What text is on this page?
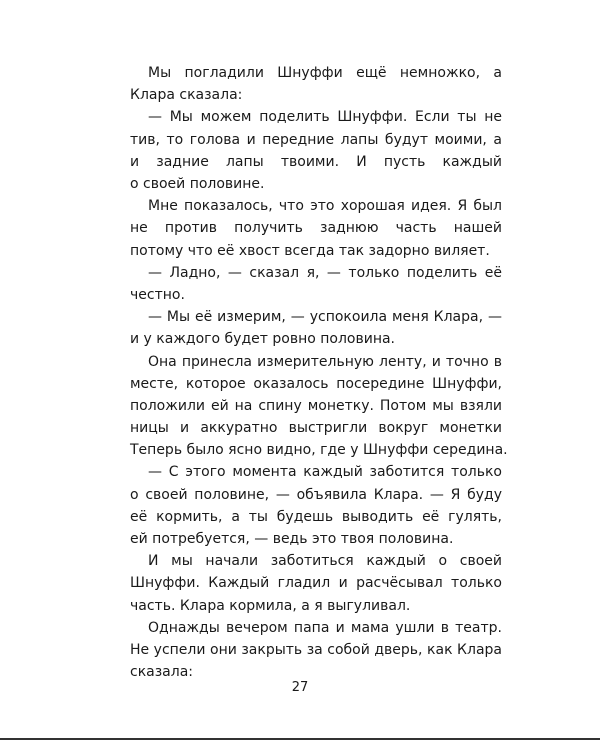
Мы погладили Шнуффи ещё немножко, а
Клара сказала:
— Мы можем поделить Шнуффи. Если ты не
тив, то голова и передние лапы будут моими, а
и задние лапы твоими. И пусть каждый
о своей половине.
Мне показалось, что это хорошая идея. Я был
не против получить заднюю часть нашей
потому что её хвост всегда так задорно виляет.
— Ладно, — сказал я, — только поделить её
честно.
— Мы её измерим, — успокоила меня Клара, —
и у каждого будет ровно половина.
Она принесла измерительную ленту, и точно в
месте, которое оказалось посередине Шнуффи,
положили ей на спину монетку. Потом мы взяли
ницы и аккуратно выстригли вокруг монетки
Теперь было ясно видно, где у Шнуффи середина.
— С этого момента каждый заботится только
о своей половине, — объявила Клара. — Я буду
её кормить, а ты будешь выводить её гулять,
ей потребуется, — ведь это твоя половина.
И мы начали заботиться каждый о своей
Шнуффи. Каждый гладил и расчёсывал только
часть. Клара кормила, а я выгуливал.
Однажды вечером папа и мама ушли в театр.
Не успели они закрыть за собой дверь, как Клара
сказала:
27
